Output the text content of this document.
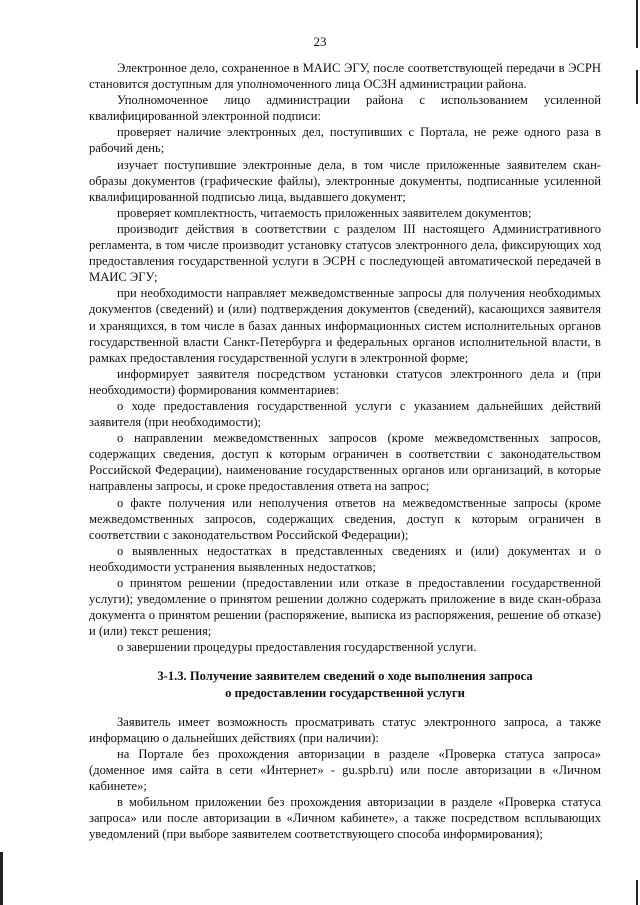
23

Электронное дело, сохраненное в МАИС ЭГУ, после соответствующей передачи в ЭСРН становится доступным для уполномоченного лица ОСЗН администрации района.

Уполномоченное лицо администрации района с использованием усиленной квалифицированной электронной подписи:

проверяет наличие электронных дел, поступивших с Портала, не реже одного раза в рабочий день;

изучает поступившие электронные дела, в том числе приложенные заявителем скан-образы документов (графические файлы), электронные документы, подписанные усиленной квалифицированной подписью лица, выдавшего документ;

проверяет комплектность, читаемость приложенных заявителем документов;

производит действия в соответствии с разделом III настоящего Административного регламента, в том числе производит установку статусов электронного дела, фиксирующих ход предоставления государственной услуги в ЭСРН с последующей автоматической передачей в МАИС ЭГУ;

при необходимости направляет межведомственные запросы для получения необходимых документов (сведений) и (или) подтверждения документов (сведений), касающихся заявителя и хранящихся, в том числе в базах данных информационных систем исполнительных органов государственной власти Санкт-Петербурга и федеральных органов исполнительной власти, в рамках предоставления государственной услуги в электронной форме;

информирует заявителя посредством установки статусов электронного дела и (при необходимости) формирования комментариев:

о ходе предоставления государственной услуги с указанием дальнейших действий заявителя (при необходимости);

о направлении межведомственных запросов (кроме межведомственных запросов, содержащих сведения, доступ к которым ограничен в соответствии с законодательством Российской Федерации), наименование государственных органов или организаций, в которые направлены запросы, и сроке предоставления ответа на запрос;

о факте получения или неполучения ответов на межведомственные запросы (кроме межведомственных запросов, содержащих сведения, доступ к которым ограничен в соответствии с законодательством Российской Федерации);

о выявленных недостатках в представленных сведениях и (или) документах и о необходимости устранения выявленных недостатков;

о принятом решении (предоставлении или отказе в предоставлении государственной услуги); уведомление о принятом решении должно содержать приложение в виде скан-образа документа о принятом решении (распоряжение, выписка из распоряжения, решение об отказе) и (или) текст решения;

о завершении процедуры предоставления государственной услуги.

3-1.3. Получение заявителем сведений о ходе выполнения запроса
о предоставлении государственной услуги

Заявитель имеет возможность просматривать статус электронного запроса, а также информацию о дальнейших действиях (при наличии):

на Портале без прохождения авторизации в разделе «Проверка статуса запроса» (доменное имя сайта в сети «Интернет» - gu.spb.ru) или после авторизации в «Личном кабинете»;

в мобильном приложении без прохождения авторизации в разделе «Проверка статуса запроса» или после авторизации в «Личном кабинете», а также посредством всплывающих уведомлений (при выборе заявителем соответствующего способа информирования);
